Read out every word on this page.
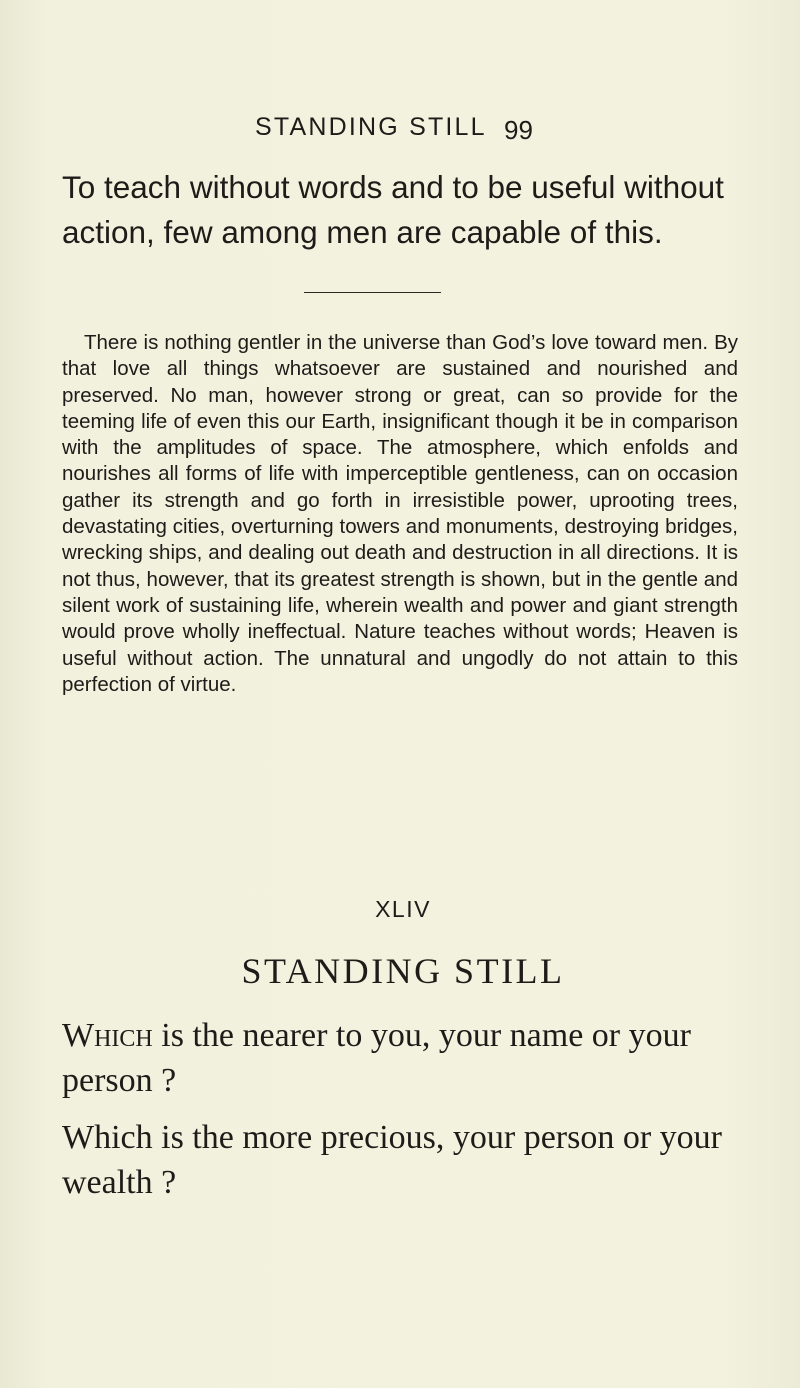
STANDING STILL 99

To teach without words and to be useful without action, few among men are capable of this.

There is nothing gentler in the universe than God’s love toward men. By that love all things whatsoever are sustained and nourished and preserved. No man, however strong or great, can so provide for the teeming life of even this our Earth, insignificant though it be in comparison with the amplitudes of space. The atmosphere, which enfolds and nourishes all forms of life with imperceptible gentleness, can on occasion gather its strength and go forth in irresistible power, uprooting trees, devastating cities, overturning towers and monuments, destroying bridges, wrecking ships, and dealing out death and destruction in all directions. It is not thus, however, that its greatest strength is shown, but in the gentle and silent work of sustaining life, wherein wealth and power and giant strength would prove wholly ineffectual. Nature teaches without words; Heaven is useful without action. The unnatural and ungodly do not attain to this perfection of virtue.

XLIV
STANDING STILL

Which is the nearer to you, your name or your person ?

Which is the more precious, your person or your wealth ?
